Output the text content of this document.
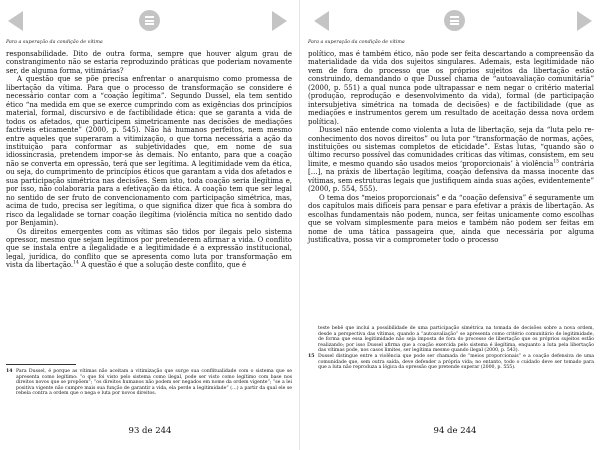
Para a superação da condição de vítima

responsabilidade. Dito de outra forma, sempre que houver algum grau de constrangimento não se estaria reproduzindo práticas que poderiam novamente ser, de alguma forma, vitimárias?

A questão que se põe precisa enfrentar o anarquismo como promessa de libertação da vítima. Para que o processo de transformação se considere é necessário contar com a “coação legítima”. Segundo Dussel, ela tem sentido ético “na medida em que se exerce cumprindo com as exigências dos princípios material, formal, discursivo e de factibilidade ética: que se garanta a vida de todos os afetados, que participem simetricamente nas decisões de mediações factíveis eticamente” (2000, p. 545). Não há humanos perfeitos, nem mesmo entre aqueles que superaram a vitimização, o que torna necessária a ação da instituição para conformar as subjetividades que, em nome de sua idiossincrasia, pretendem impor-se às demais. No entanto, para que a coação não se converta em opressão, terá que ser legítima. A legitimidade vem da ética, ou seja, do cumprimento de princípios éticos que garantam a vida dos afetados e sua participação simétrica nas decisões. Sem isto, toda coação seria ilegítima e, por isso, não colaboraria para a efetivação da ética. A coação tem que ser legal no sentido de ser fruto de convencionamento com participação simétrica, mas, acima de tudo, precisa ser legítima, o que significa dizer que fica à sombra do risco da legalidade se tornar coação ilegítima (violência mítica no sentido dado por Benjamin).

Os direitos emergentes com as vítimas são tidos por ilegais pelo sistema opressor, mesmo que sejam legítimos por pretenderem afirmar a vida. O conflito que se instala entre a ilegalidade e a legitimidade é a expressão institucional, legal, jurídica, do conflito que se apresenta como luta por transformação em vista da libertação.$^{14}$ A questão é que a solução deste conflito, que é

14 Para Dussel, é porque as vítimas não aceitam a vitimização que surge sua conflitualidade com o sistema que se apresenta como legítimo: “o que foi visto pelo sistema como ilegal, pode ser visto como legítimo com base nos direitos novos que se propõem”; “os direitos humanos não podem ser negados em nome da ordem vigente”; “se a lei positiva vigente não cumpre mais sua função de garantir a vida, ela perde a legitimidade” (…) a partir da qual ele se rebela contra a ordem que o nega e luta por novos direitos.
93 de 244
Para a superação da condição de vítima

político, mas é também ético, não pode ser feita descartando a compreensão da materialidade da vida dos sujeitos singulares. Ademais, esta legitimidade não vem de fora do processo que os próprios sujeitos da libertação estão construindo, demandando o que Dussel chama de “autoavaliação comunitária” (2000, p. 551) a qual nunca pode ultrapassar e nem negar o critério material (produção, reprodução e desenvolvimento da vida), formal (de participação intersubjetiva simétrica na tomada de decisões) e de factibilidade (que as mediações e instrumentos gerem um resultado de aceitação dessa nova ordem política).

Dussel não entende como violenta a luta de libertação, seja da “luta pelo re-conhecimento dos novos direitos” ou luta por “transformação de normas, ações, instituições ou sistemas completos de eticidade”. Estas lutas, “quando são o último recurso possível das comunidades críticas das vítimas, consistem, em seu limite, e mesmo quando são usados meios ‘proporcionais’ à violência$^{15}$ contrária […], na práxis de libertação legítima, coação defensiva da massa inocente das vítimas, sem estruturas legais que justifiquem ainda suas ações, evidentemente” (2000, p. 554, 555).

O tema dos “meios proporcionais” e da “coação defensiva” é seguramente um dos capítulos mais difíceis para pensar e para efetivar a práxis de libertação. As escolhas fundamentais não podem, nunca, ser feitas unicamente como escolhas que se volvam simplesmente para meios e também não podem ser feitas em nome de uma tática passageira que, ainda que necessária por alguma justificativa, possa vir a comprometer todo o processo

teste bebê que inclui a possibilidade de uma participação simétrica na tomada de decisões sobre a nova ordem, desde a perspectiva das vítimas, quando a “autoavaliação” se apresenta como critério comunitário de legitimidade, de forma que essa legitimidade não seja imposta de fora do processo de libertação que os próprios sujeitos estão realizando; por isso Dussel afirma que a coação exercida pelo sistema é ilegítima, enquanto a luta pela libertação das vítimas pode, nos casos limites, ser legítima mesmo quando ilegal (2000, p. 543).
15 Dussel distingue entre a violência que pode ser chamada de “meios proporcionais” e a coação defensiva de uma comunidade que, sem outra saída, deve defender a própria vida; no entanto, todo o cuidado deve ser tomado para que a luta não reproduza a lógica da opressão que pretende superar (2000, p. 555).
94 de 244
